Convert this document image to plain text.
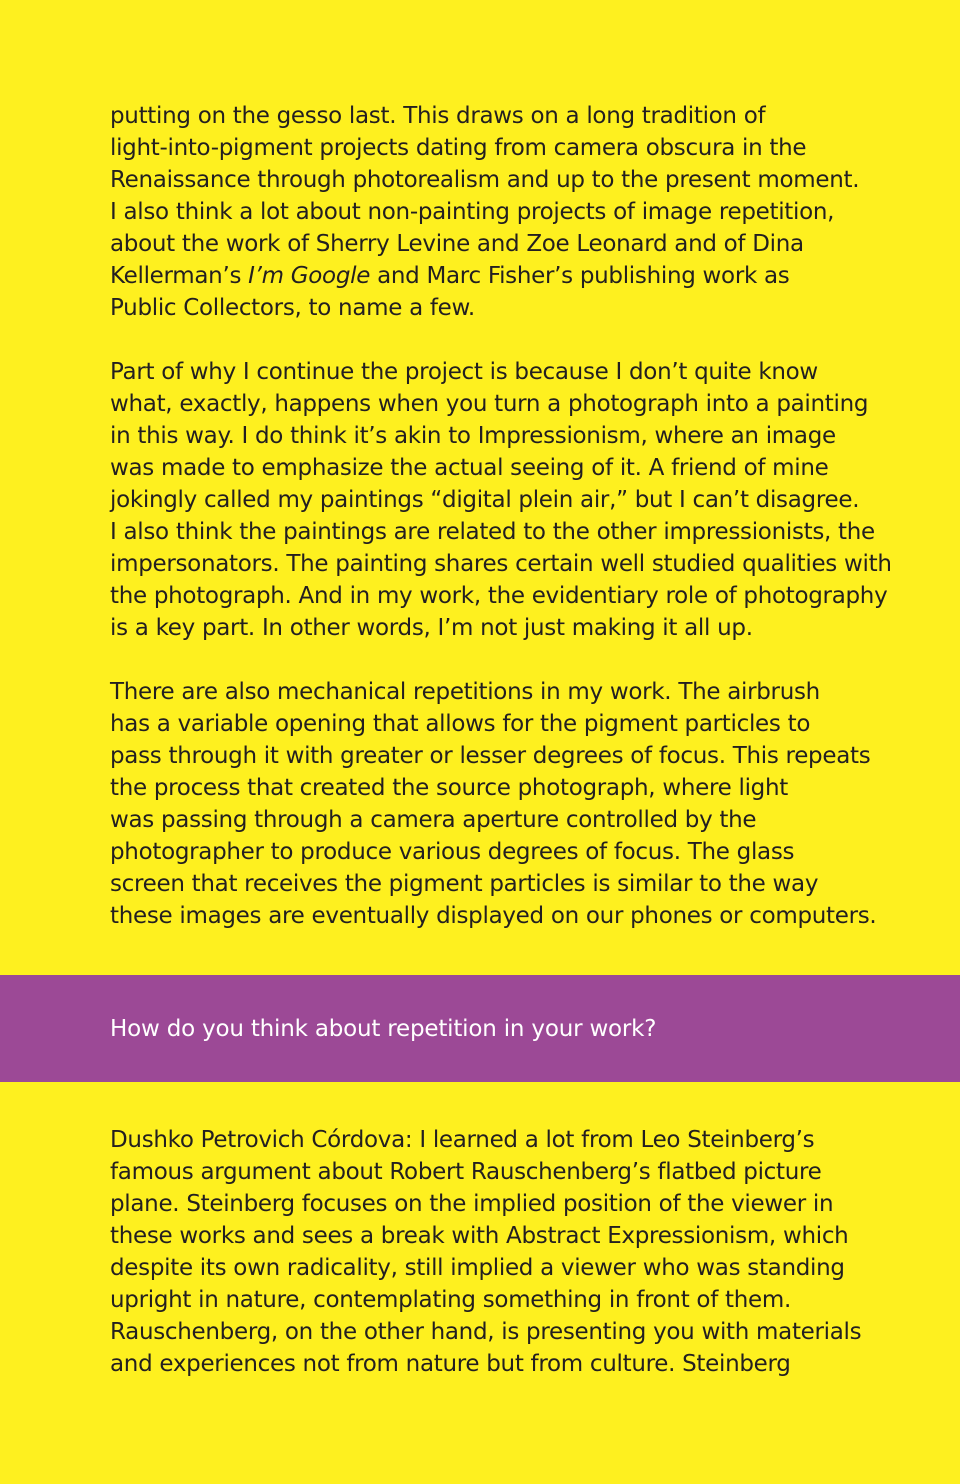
putting on the gesso last. This draws on a long tradition of
light-into-pigment projects dating from camera obscura in the
Renaissance through photorealism and up to the present moment.
I also think a lot about non-painting projects of image repetition,
about the work of Sherry Levine and Zoe Leonard and of Dina
Kellerman’s I’m Google and Marc Fisher’s publishing work as
Public Collectors, to name a few.
Part of why I continue the project is because I don’t quite know
what, exactly, happens when you turn a photograph into a painting
in this way. I do think it’s akin to Impressionism, where an image
was made to emphasize the actual seeing of it. A friend of mine
jokingly called my paintings “digital plein air,” but I can’t disagree.
I also think the paintings are related to the other impressionists, the
impersonators. The painting shares certain well studied qualities with
the photograph. And in my work, the evidentiary role of photography
is a key part. In other words, I’m not just making it all up.
There are also mechanical repetitions in my work. The airbrush
has a variable opening that allows for the pigment particles to
pass through it with greater or lesser degrees of focus. This repeats
the process that created the source photograph, where light
was passing through a camera aperture controlled by the
photographer to produce various degrees of focus. The glass
screen that receives the pigment particles is similar to the way
these images are eventually displayed on our phones or computers.

How do you think about repetition in your work?

Dushko Petrovich Córdova: I learned a lot from Leo Steinberg’s
famous argument about Robert Rauschenberg’s flatbed picture
plane. Steinberg focuses on the implied position of the viewer in
these works and sees a break with Abstract Expressionism, which
despite its own radicality, still implied a viewer who was standing
upright in nature, contemplating something in front of them.
Rauschenberg, on the other hand, is presenting you with materials
and experiences not from nature but from culture. Steinberg
